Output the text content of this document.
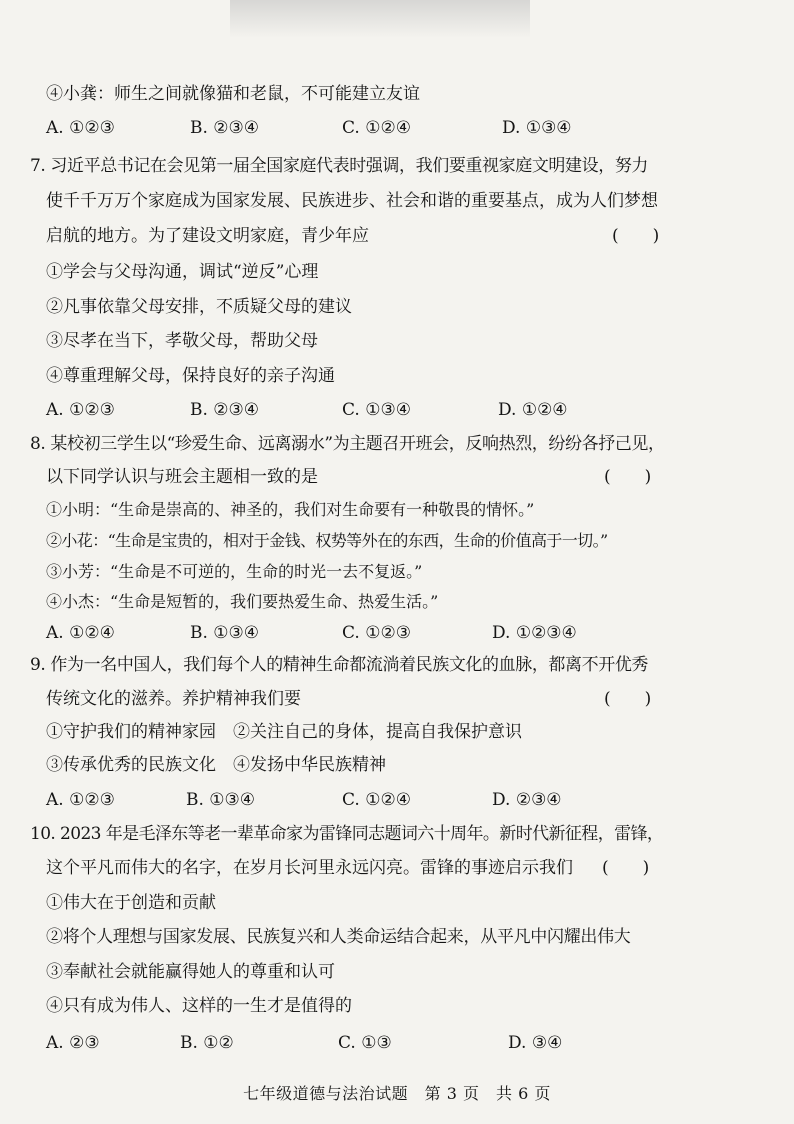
④小龚：师生之间就像猫和老鼠，不可能建立友谊
A. ①②③	B. ②③④	C. ①②④	D. ①③④
7. 习近平总书记在会见第一届全国家庭代表时强调，我们要重视家庭文明建设，努力
使千千万万个家庭成为国家发展、民族进步、社会和谐的重要基点，成为人们梦想
启航的地方。为了建设文明家庭，青少年应	(　　)
①学会与父母沟通，调试“逆反”心理
②凡事依靠父母安排，不质疑父母的建议
③尽孝在当下，孝敬父母，帮助父母
④尊重理解父母，保持良好的亲子沟通
A. ①②③	B. ②③④	C. ①③④	D. ①②④
8. 某校初三学生以“珍爱生命、远离溺水”为主题召开班会，反响热烈，纷纷各抒己见，
以下同学认识与班会主题相一致的是	(　　)
①小明：“生命是崇高的、神圣的，我们对生命要有一种敬畏的情怀。”
②小花：“生命是宝贵的，相对于金钱、权势等外在的东西，生命的价值高于一切。”
③小芳：“生命是不可逆的，生命的时光一去不复返。”
④小杰：“生命是短暂的，我们要热爱生命、热爱生活。”
A. ①②④	B. ①③④	C. ①②③	D. ①②③④
9. 作为一名中国人，我们每个人的精神生命都流淌着民族文化的血脉，都离不开优秀
传统文化的滋养。养护精神我们要	(　　)
①守护我们的精神家园　②关注自己的身体，提高自我保护意识
③传承优秀的民族文化　④发扬中华民族精神
A. ①②③	B. ①③④	C. ①②④	D. ②③④
10. 2023 年是毛泽东等老一辈革命家为雷锋同志题词六十周年。新时代新征程，雷锋，
这个平凡而伟大的名字，在岁月长河里永远闪亮。雷锋的事迹启示我们 (　　)
①伟大在于创造和贡献
②将个人理想与国家发展、民族复兴和人类命运结合起来，从平凡中闪耀出伟大
③奉献社会就能赢得她人的尊重和认可
④只有成为伟人、这样的一生才是值得的
A. ②③	B. ①②	C. ①③	D. ③④
七年级道德与法治试题　第 3 页　共 6 页
